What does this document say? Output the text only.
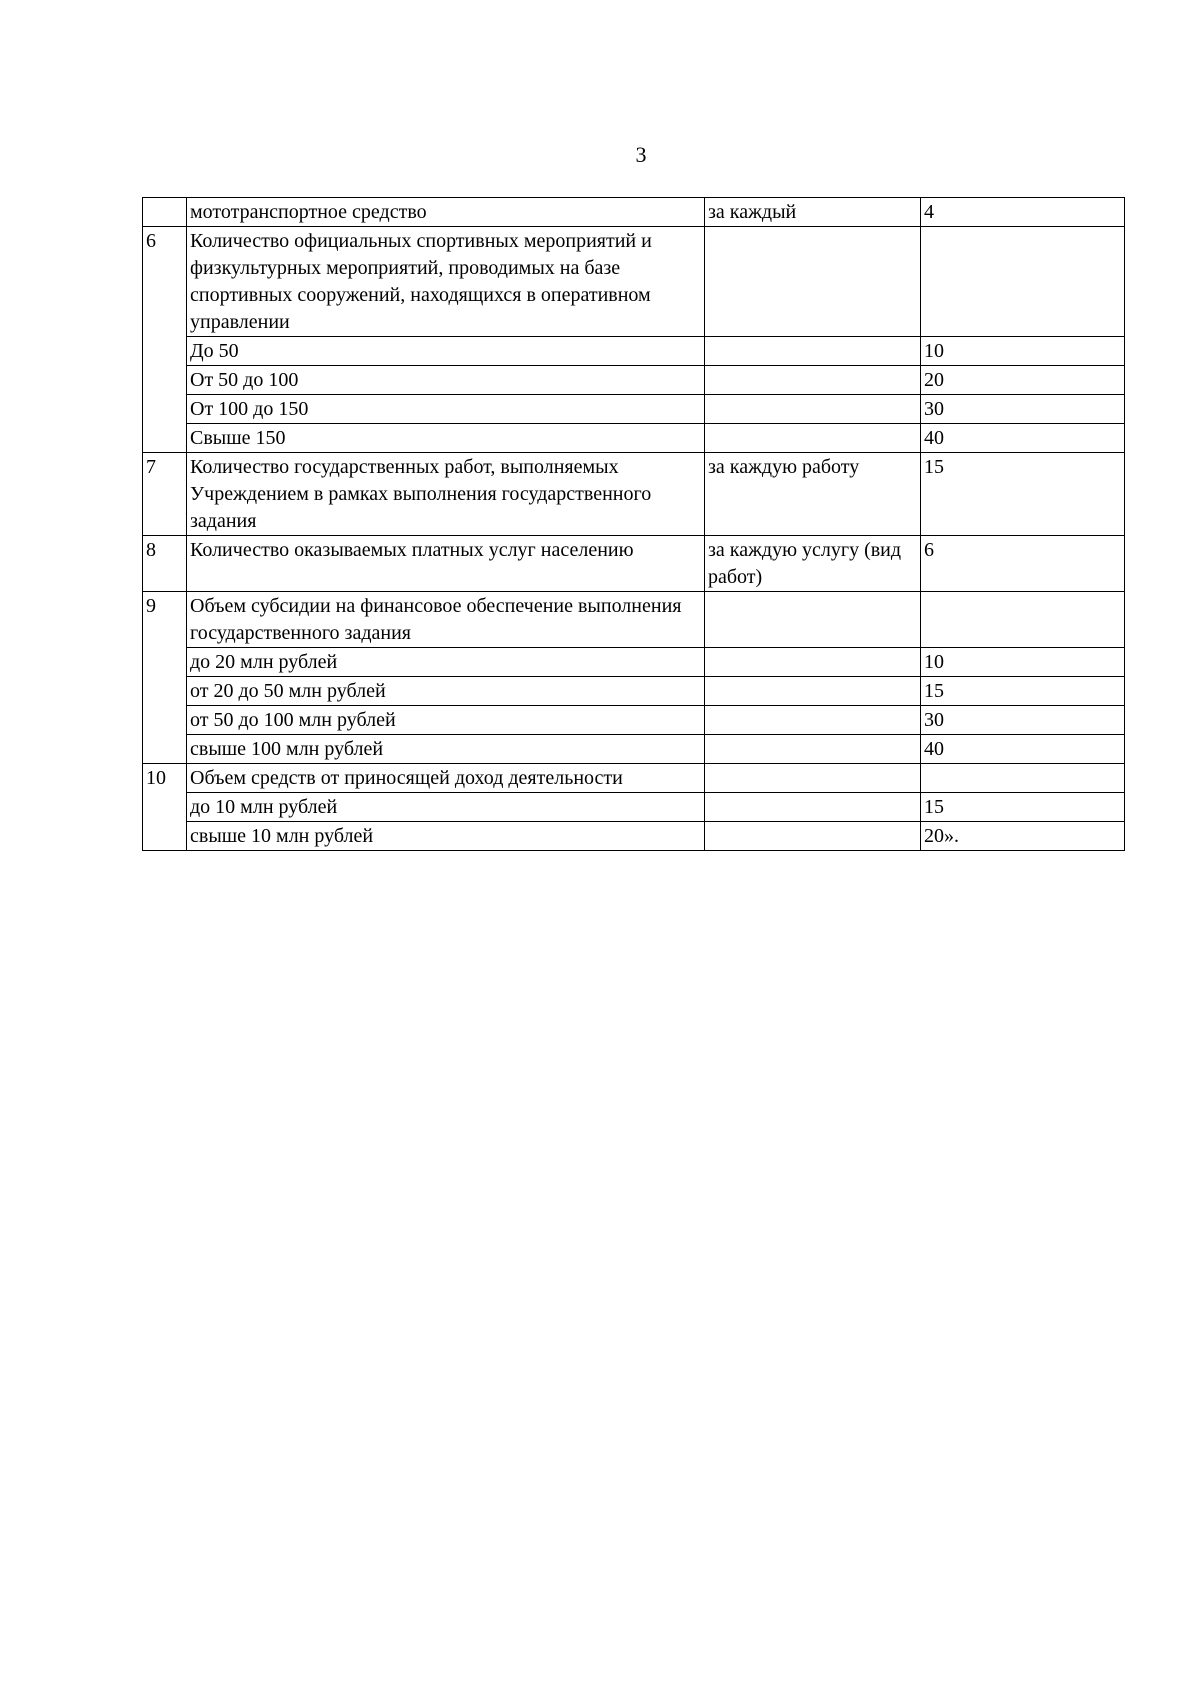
3
	мототранспортное средство	за каждый	4
6	Количество официальных спортивных мероприятий и физкультурных мероприятий, проводимых на базе спортивных сооружений, находящихся в оперативном управлении		
	До 50		10
	От 50 до 100		20
	От 100 до 150		30
	Свыше 150		40
7	Количество государственных работ, выполняемых Учреждением в рамках выполнения государственного задания	за каждую работу	15
8	Количество оказываемых платных услуг населению	за каждую услугу (вид работ)	6
9	Объем субсидии на финансовое обеспечение выполнения государственного задания		
	до 20 млн рублей		10
	от 20 до 50 млн рублей		15
	от 50 до 100 млн рублей		30
	свыше 100 млн рублей		40
10	Объем средств от приносящей доход деятельности		
	до 10 млн рублей		15
	свыше 10 млн рублей		20».
